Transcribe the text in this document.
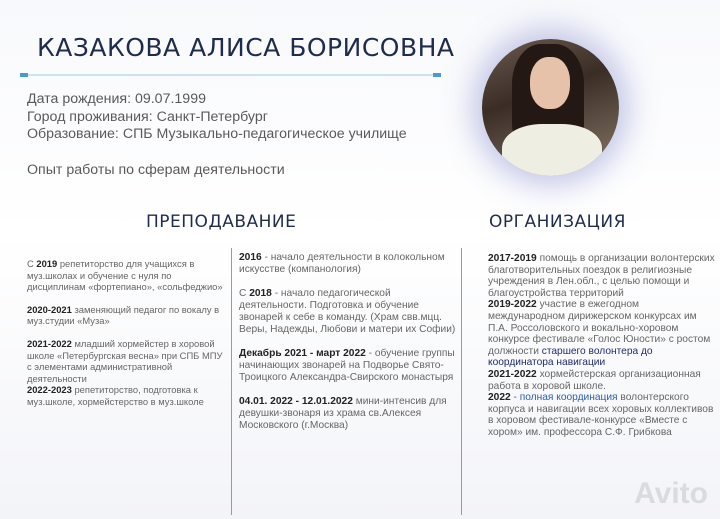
КАЗАКОВА АЛИСА БОРИСОВНА
Дата рождения: 09.07.1999
Город проживания: Санкт-Петербург
Образование: СПБ Музыкально-педагогическое училище
Опыт работы по сферам деятельности
ПРЕПОДАВАНИЕ	ОРГАНИЗАЦИЯ

С 2019 репетиторство для учащихся в муз.школах и обучение с нуля по дисциплинам «фортепиано», «сольфеджио»

2020-2021 заменяющий педагог по вокалу в муз.студии «Муза»

2021-2022 младший хормейстер в хоровой школе «Петербургская весна» при СПБ МПУ с элементами административной деятельности
2022-2023 репетиторство, подготовка к муз.школе, хормейстерство в муз.школе

2016 - начало деятельности в колокольном искусстве (компанология)

С 2018 - начало педагогической деятельности. Подготовка и обучение звонарей к себе в команду. (Храм свв.мцц. Веры, Надежды, Любови и матери их Софии)

Декабрь 2021 - март 2022 - обучение группы начинающих звонарей на Подворье Свято-Троицкого Александра-Свирского монастыря

04.01. 2022 - 12.01.2022 мини-интенсив для девушки-звонаря из храма св.Алексея Московского (г.Москва)

2017-2019 помощь в организации волонтерских благотворительных поездок в религиозные учреждения в Лен.обл., с целью помощи и благоустройства территорий

2019-2022 участие в ежегодном международном дирижерском конкурсах им П.А. Россоловского и вокально-хоровом конкурсе фестивале «Голос Юности» с ростом должности старшего волонтера до координатора навигации

2021-2022 хормейстерская организационная работа в хоровой школе.

2022 - полная координация волонтерского корпуса и навигации всех хоровых коллективов в хоровом фестивале-конкурсе «Вместе с хором» им. профессора С.Ф. Грибкова

Avito
